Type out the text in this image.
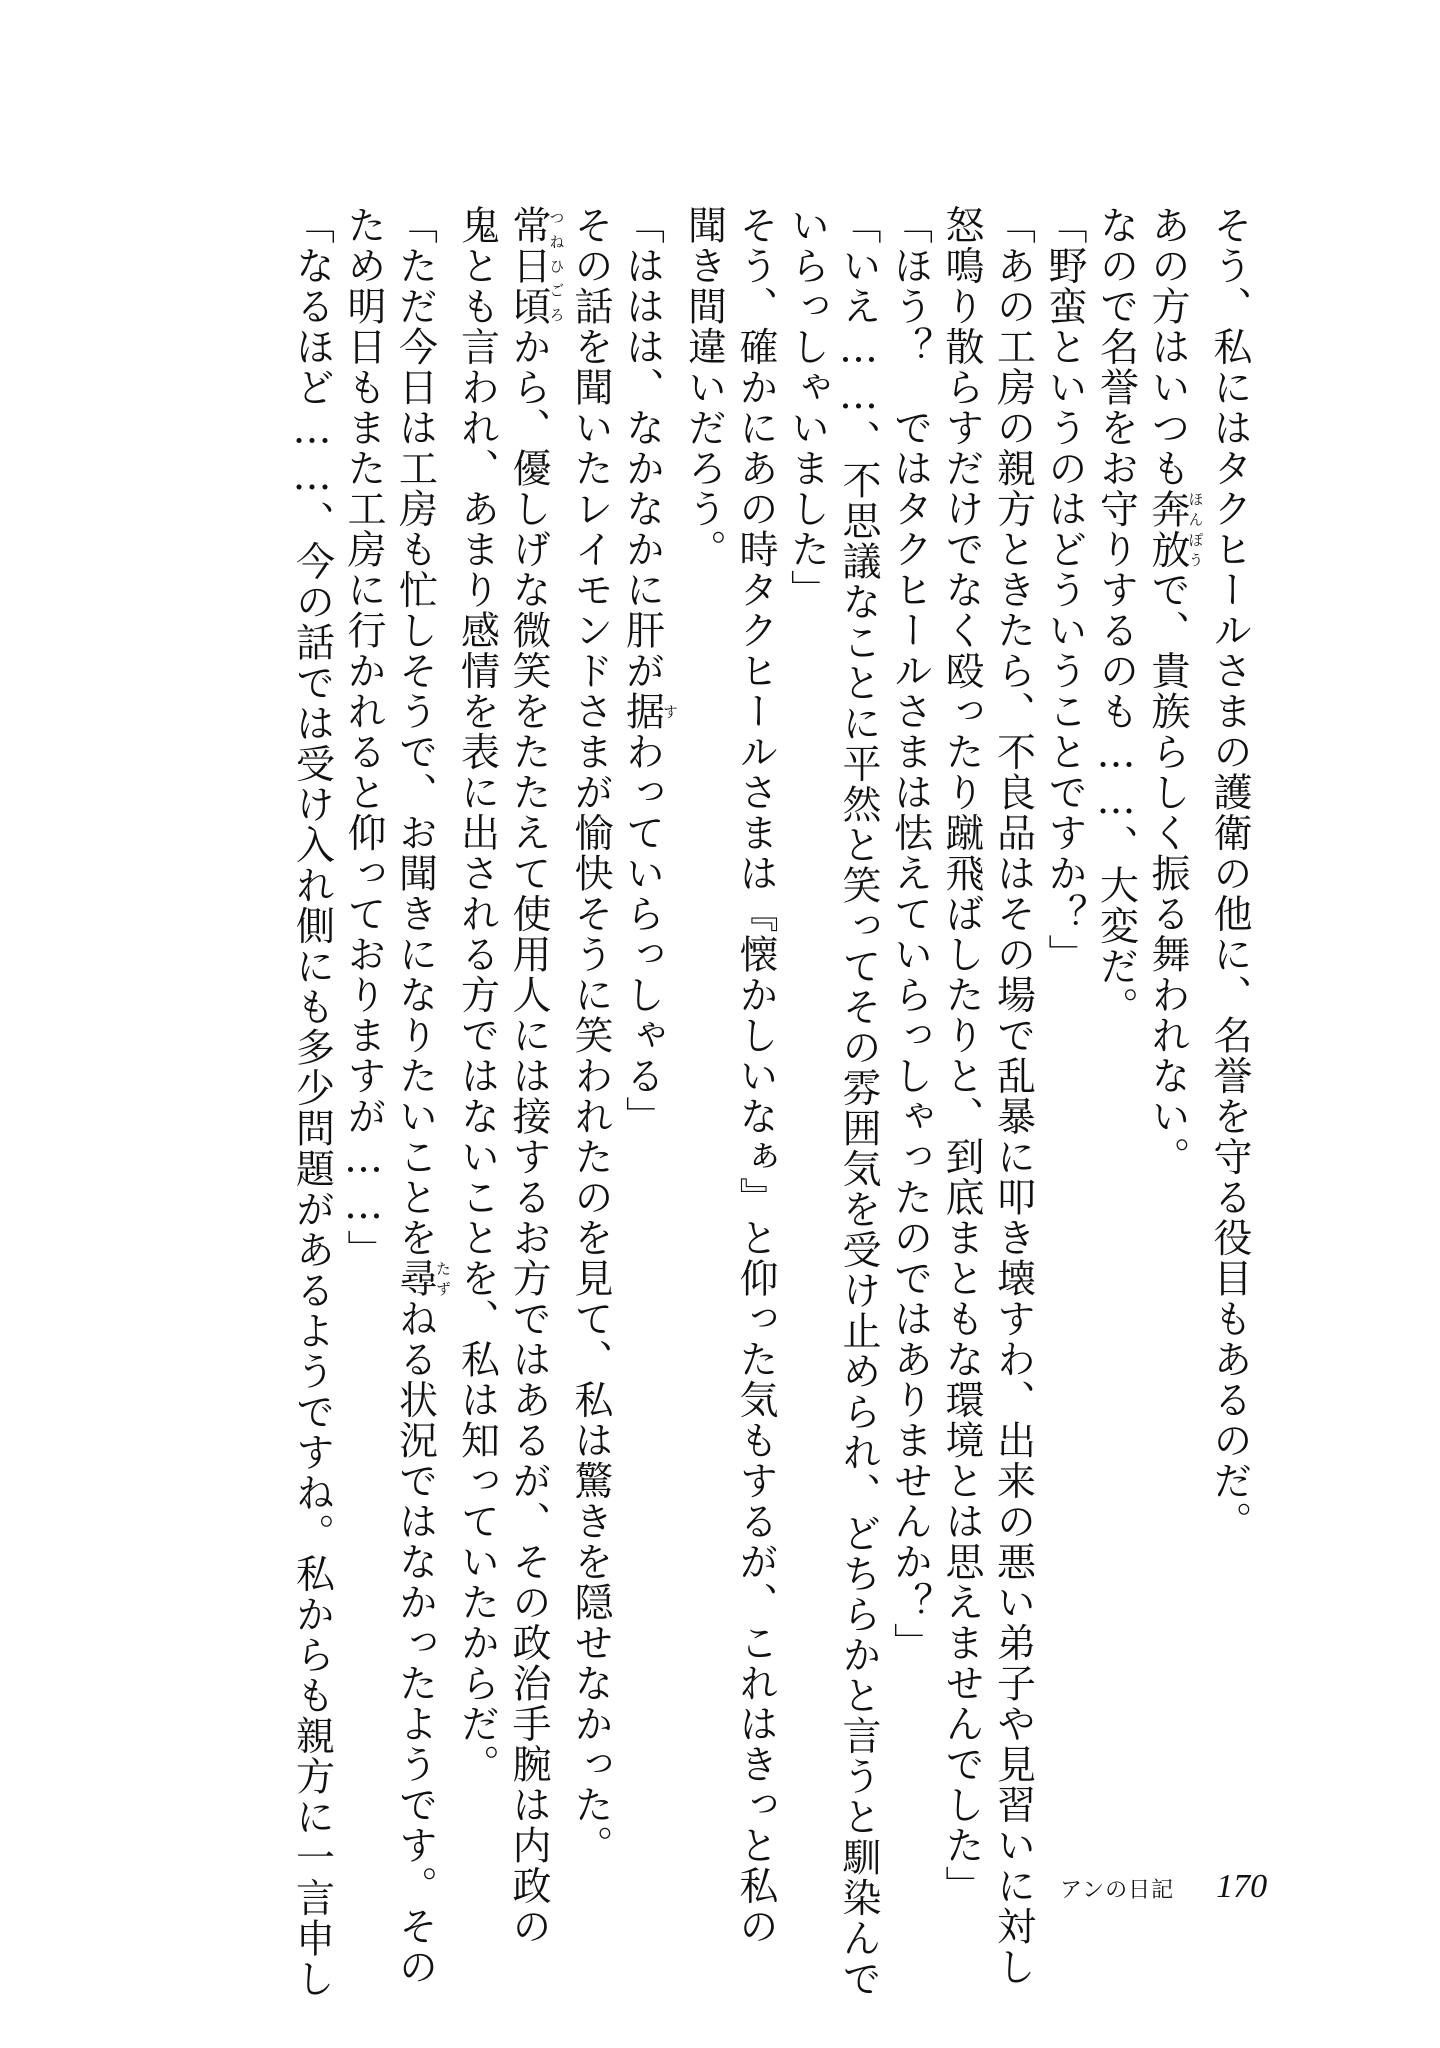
そう、私にはタクヒールさまの護衛の他に、名誉を守る役目もあるのだ。

あの方はいつも奔放ほんぽうで、貴族らしく振る舞われない。

なので名誉をお守りするのも……、大変だ。

「野蛮というのはどういうことですか？」

「あの工房の親方ときたら、不良品はその場で乱暴に叩き壊すわ、出来の悪い弟子や見習いに対し

怒鳴り散らすだけでなく殴ったり蹴飛ばしたりと、到底まともな環境とは思えませんでした」

「ほう？　ではタクヒールさまは怯えていらっしゃったのではありませんか？」

「いえ……、不思議なことに平然と笑ってその雰囲気を受け止められ、どちらかと言うと馴染んで

いらっしゃいました」

そう、確かにあの時タクヒールさまは『懐かしいなぁ』と仰った気もするが、これはきっと私の

聞き間違いだろう。

「ははは、なかなかに肝が据すわっていらっしゃる」

その話を聞いたレイモンドさまが愉快そうに笑われたのを見て、私は驚きを隠せなかった。

常日頃つねひごろから、優しげな微笑をたたえて使用人には接するお方ではあるが、その政治手腕は内政の

鬼とも言われ、あまり感情を表に出される方ではないことを、私は知っていたからだ。

「ただ今日は工房も忙しそうで、お聞きになりたいことを尋たずねる状況ではなかったようです。その

ため明日もまた工房に行かれると仰っておりますが……」

「なるほど……、今の話では受け入れ側にも多少問題があるようですね。私からも親方に一言申し	アンの日記 170
